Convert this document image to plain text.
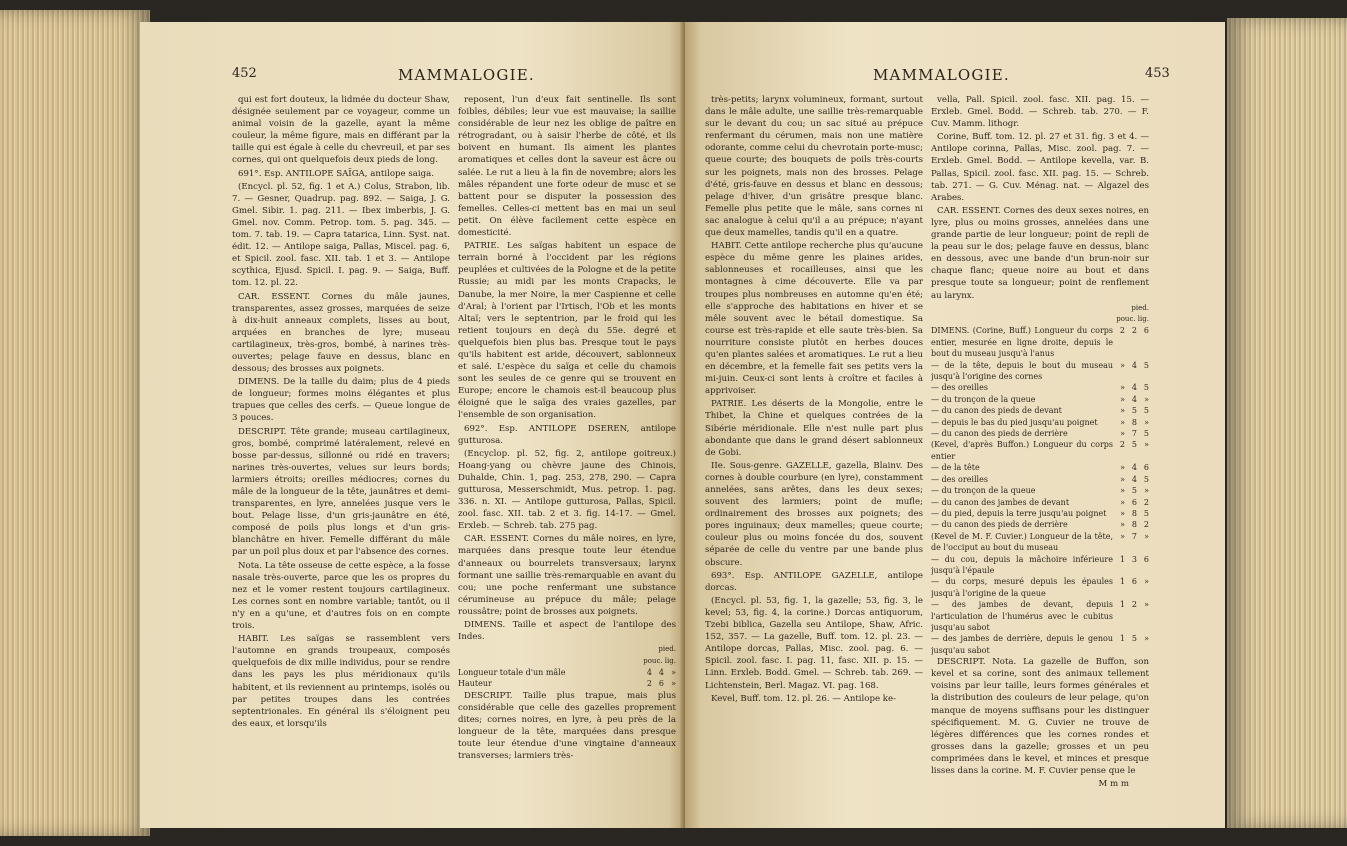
452	MAMMALOGIE.

qui est fort douteux, la lidmée du docteur Shaw, désignée seulement par ce voyageur, comme un animal voisin de la gazelle, ayant la même couleur, la même figure, mais en différant par la taille qui est égale à celle du chevreuil, et par ses cornes, qui ont quelquefois deux pieds de long.

691°. Esp. ANTILOPE SAÏGA, antilope saiga.

(Encycl. pl. 52, fig. 1 et A.) Colus, Strabon, lib. 7. — Gesner, Quadrup. pag. 892. — Saiga, J. G. Gmel. Sibir. 1. pag. 211. — Ibex imberbis, J. G. Gmel. nov. Comm. Petrop. tom. 5. pag. 345. — tom. 7. tab. 19. — Capra tatarica, Linn. Syst. nat. édit. 12. — Antilope saiga, Pallas, Miscel. pag. 6, et Spicil. zool. fasc. XII. tab. 1 et 3. — Antilope scythica, Ejusd. Spicil. I. pag. 9. — Saiga, Buff. tom. 12. pl. 22.

CAR. ESSENT. Cornes du mâle jaunes, transparentes, assez grosses, marquées de seize à dix-huit anneaux complets, lisses au bout, arquées en branches de lyre; museau cartilagineux, très-gros, bombé, à narines très-ouvertes; pelage fauve en dessus, blanc en dessous; des brosses aux poignets.

DIMENS. De la taille du daim; plus de 4 pieds de longueur; formes moins élégantes et plus trapues que celles des cerfs. — Queue longue de 3 pouces.

DESCRIPT. Tête grande; museau cartilagineux, gros, bombé, comprimé latéralement, relevé en bosse par-dessus, sillonné ou ridé en travers; narines très-ouvertes, velues sur leurs bords; larmiers étroits; oreilles médiocres; cornes du mâle de la longueur de la tête, jaunâtres et demi-transparentes, en lyre, annelées jusque vers le bout. Pelage lisse, d'un gris-jaunâtre en été, composé de poils plus longs et d'un gris-blanchâtre en hiver. Femelle différant du mâle par un poil plus doux et par l'absence des cornes.

Nota. La tête osseuse de cette espèce, a la fosse nasale très-ouverte, parce que les os propres du nez et le vomer restent toujours cartilagineux. Les cornes sont en nombre variable; tantôt, ou il n'y en a qu'une, et d'autres fois on en compte trois.

HABIT. Les saïgas se rassemblent vers l'automne en grands troupeaux, composés quelquefois de dix mille individus, pour se rendre dans les pays les plus méridionaux qu'ils habitent, et ils reviennent au printemps, isolés ou par petites troupes dans les contrées septentrionales. En général ils s'éloignent peu des eaux, et lorsqu'ils

reposent, l'un d'eux fait sentinelle. Ils sont foibles, débiles; leur vue est mauvaise; la saillie considérable de leur nez les oblige de paître en rétrogradant, ou à saisir l'herbe de côté, et ils boivent en humant. Ils aiment les plantes aromatiques et celles dont la saveur est âcre ou salée. Le rut a lieu à la fin de novembre; alors les mâles répandent une forte odeur de musc et se battent pour se disputer la possession des femelles. Celles-ci mettent bas en mai un seul petit. On élève facilement cette espèce en domesticité.

PATRIE. Les saïgas habitent un espace de terrain borné à l'occident par les régions peuplées et cultivées de la Pologne et de la petite Russie; au midi par les monts Crapacks, le Danube, la mer Noire, la mer Caspienne et celle d'Aral; à l'orient par l'Irtisch, l'Ob et les monts Altaï; vers le septentrion, par le froid qui les retient toujours en deçà du 55e. degré et quelquefois bien plus bas. Presque tout le pays qu'ils habitent est aride, découvert, sablonneux et salé. L'espèce du saïga et celle du chamois sont les seules de ce genre qui se trouvent en Europe; encore le chamois est-il beaucoup plus éloigné que le saïga des vraies gazelles, par l'ensemble de son organisation.

692°. Esp. ANTILOPE DSEREN, antilope gutturosa.

(Encyclop. pl. 52, fig. 2, antilope goitreux.) Hoang-yang ou chèvre jaune des Chinois, Duhalde, Chin. 1, pag. 253, 278, 290. — Capra gutturosa, Messerschmidt, Mus. petrop. 1. pag. 336. n. XI. — Antilope gutturosa, Pallas, Spicil. zool. fasc. XII. tab. 2 et 3. fig. 14-17. — Gmel. Erxleb. — Schreb. tab. 275 pag.

CAR. ESSENT. Cornes du mâle noires, en lyre, marquées dans presque toute leur étendue d'anneaux ou bourrelets transversaux; larynx formant une saillie très-remarquable en avant du cou; une poche renfermant une substance cérumineuse au prépuce du mâle; pelage roussâtre; point de brosses aux poignets.

DIMENS. Taille et aspect de l'antilope des Indes.

	pied. pouc. lig.		
Longueur totale d'un mâle	4	4	»
Hauteur	2	6	»

DESCRIPT. Taille plus trapue, mais plus considérable que celle des gazelles proprement dites; cornes noires, en lyre, à peu près de la longueur de la tête, marquées dans presque toute leur étendue d'une vingtaine d'anneaux transverses; larmiers très-

MAMMALOGIE.	453

très-petits; larynx volumineux, formant, surtout dans le mâle adulte, une saillie très-remarquable sur le devant du cou; un sac situé au prépuce renfermant du cérumen, mais non une matière odorante, comme celui du chevrotain porte-musc; queue courte; des bouquets de poils très-courts sur les poignets, mais non des brosses. Pelage d'été, gris-fauve en dessus et blanc en dessous; pelage d'hiver, d'un grisâtre presque blanc. Femelle plus petite que le mâle, sans cornes ni sac analogue à celui qu'il a au prépuce; n'ayant que deux mamelles, tandis qu'il en a quatre.

HABIT. Cette antilope recherche plus qu'aucune espèce du même genre les plaines arides, sablonneuses et rocailleuses, ainsi que les montagnes à cime découverte. Elle va par troupes plus nombreuses en automne qu'en été; elle s'approche des habitations en hiver et se mêle souvent avec le bétail domestique. Sa course est très-rapide et elle saute très-bien. Sa nourriture consiste plutôt en herbes douces qu'en plantes salées et aromatiques. Le rut a lieu en décembre, et la femelle fait ses petits vers la mi-juin. Ceux-ci sont lents à croître et faciles à apprivoiser.

PATRIE. Les déserts de la Mongolie, entre le Thibet, la Chine et quelques contrées de la Sibérie méridionale. Elle n'est nulle part plus abondante que dans le grand désert sablonneux de Gobi.

IIe. Sous-genre. GAZELLE, gazella, Blainv. Des cornes à double courbure (en lyre), constamment annelées, sans arêtes, dans les deux sexes; souvent des larmiers; point de mufle; ordinairement des brosses aux poignets; des pores inguinaux; deux mamelles; queue courte; couleur plus ou moins foncée du dos, souvent séparée de celle du ventre par une bande plus obscure.

693°. Esp. ANTILOPE GAZELLE, antilope dorcas.

(Encycl. pl. 53, fig. 1, la gazelle; 53, fig. 3, le kevel; 53, fig. 4, la corine.) Dorcas antiquorum, Tzebi biblica, Gazella seu Antilope, Shaw, Afric. 152, 357. — La gazelle, Buff. tom. 12. pl. 23. — Antilope dorcas, Pallas, Misc. zool. pag. 6. — Spicil. zool. fasc. I. pag. 11, fasc. XII. p. 15. — Linn. Erxleb. Bodd. Gmel. — Schreb. tab. 269. — Lichtenstein, Berl. Magaz. VI. pag. 168.

Kevel, Buff. tom. 12. pl. 26. — Antilope ke-

vella, Pall. Spicil. zool. fasc. XII. pag. 15. — Erxleb. Gmel. Bodd. — Schreb. tab. 270. — F. Cuv. Mamm. lithogr.

Corine, Buff. tom. 12. pl. 27 et 31. fig. 3 et 4. — Antilope corinna, Pallas, Misc. zool. pag. 7. — Erxleb. Gmel. Bodd. — Antilope kevella, var. B. Pallas, Spicil. zool. fasc. XII. pag. 15. — Schreb. tab. 271. — G. Cuv. Ménag. nat. — Algazel des Arabes.

CAR. ESSENT. Cornes des deux sexes noires, en lyre, plus ou moins grosses, annelées dans une grande partie de leur longueur; point de repli de la peau sur le dos; pelage fauve en dessus, blanc en dessous, avec une bande d'un brun-noir sur chaque flanc; queue noire au bout et dans presque toute sa longueur; point de renflement au larynx.

	pied. pouc. lig.		
DIMENS. (Corine, Buff.) Longueur du corps entier, mesurée en ligne droite, depuis le bout du museau jusqu'à l'anus	2	2	6
— de la tête, depuis le bout du museau jusqu'à l'origine des cornes	»	4	5
— des oreilles	»	4	5
— du tronçon de la queue	»	4	»
— du canon des pieds de devant	»	5	5
— depuis le bas du pied jusqu'au poignet	»	8	»
— du canon des pieds de derrière	»	7	5
(Kevel, d'après Buffon.) Longueur du corps entier	2	5	»
— de la tête	»	4	6
— des oreilles	»	4	5
— du tronçon de la queue	»	5	»
— du canon des jambes de devant	»	6	2
— du pied, depuis la terre jusqu'au poignet	»	8	5
— du canon des pieds de derrière	»	8	2
(Kevel de M. F. Cuvier.) Longueur de la tête, de l'occiput au bout du museau	»	7	»
— du cou, depuis la mâchoire inférieure jusqu'à l'épaule	1	3	6
— du corps, mesuré depuis les épaules jusqu'à l'origine de la queue	1	6	»
— des jambes de devant, depuis l'articulation de l'humérus avec le cubitus jusqu'au sabot	1	2	»
— des jambes de derrière, depuis le genou jusqu'au sabot	1	5	»

DESCRIPT. Nota. La gazelle de Buffon, son kevel et sa corine, sont des animaux tellement voisins par leur taille, leurs formes générales et la distribution des couleurs de leur pelage, qu'on manque de moyens suffisans pour les distinguer spécifiquement. M. G. Cuvier ne trouve de légères différences que les cornes rondes et grosses dans la gazelle; grosses et un peu comprimées dans le kevel, et minces et presque lisses dans la corine. M. F. Cuvier pense que le

M m m
